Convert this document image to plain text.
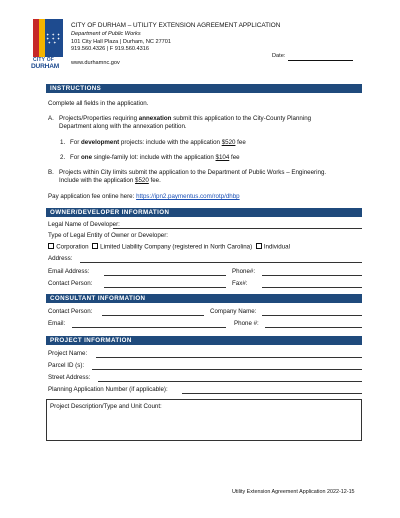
✦ ✦ ✦
✦ ✦ ✦
✦ ✦
CITY OF
DURHAM
CITY OF DURHAM – UTILITY EXTENSION AGREEMENT APPLICATION
Department of Public Works
101 City Hall Plaza | Durham, NC 27701
919.560.4326 | F 919.560.4316
www.durhamnc.gov
Date:
INSTRUCTIONS
Complete all fields in the application.
A. Projects/Properties requiring annexation submit this application to the City-County Planning
Department along with the annexation petition.
1. For development projects: include with the application $520 fee
2. For one single-family lot: include with the application $104 fee
B. Projects within City limits submit the application to the Department of Public Works – Engineering.
Include with the application $520 fee.
Pay application fee online here: https://ipn2.paymentus.com/rotp/dhbp
OWNER/DEVELOPER INFORMATION
Legal Name of Developer:
Type of Legal Entity of Owner or Developer:
Corporation Limited Liability Company (registered in North Carolina) Individual
Address:
Email Address:	Phone#:
Contact Person:	Fax#:
CONSULTANT INFORMATION
Contact Person:	Company Name:
Email:	Phone #:
PROJECT INFORMATION
Project Name:
Parcel ID (s):
Street Address:
Planning Application Number (if applicable):
Project Description/Type and Unit Count:
Utility Extension Agreement Application 2022-12-15
